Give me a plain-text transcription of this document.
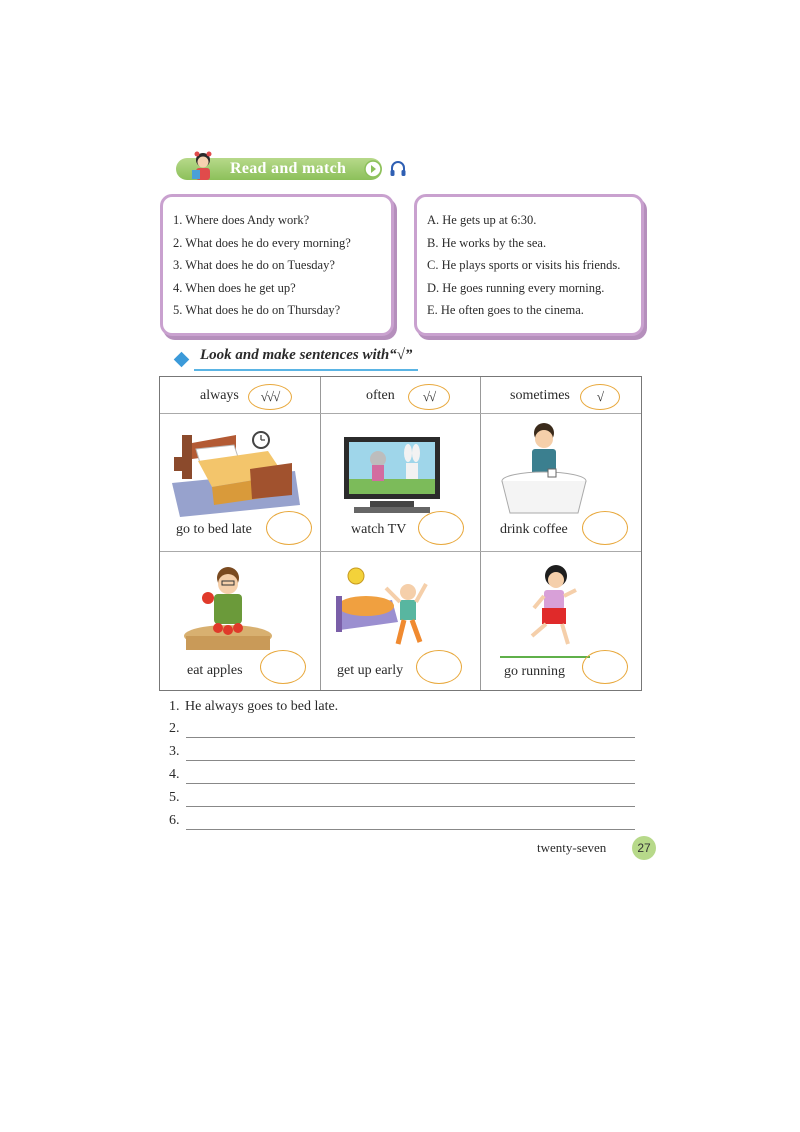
Read and match
1. Where does Andy work?
2. What does he do every morning?
3. What does he do on Tuesday?
4. When does he get up?
5. What does he do on Thursday?
A. He gets up at 6:30.
B. He works by the sea.
C. He plays sports or visits his friends.
D. He goes running every morning.
E. He often goes to the cinema.
Look and make sentences with“√”
always	√√√	often	√√	sometimes	√
go to bed late	watch TV	drink coffee
eat apples	get up early	go running
1. He always goes to bed late.
2.
3.
4.
5.
6.
twenty-seven	27
